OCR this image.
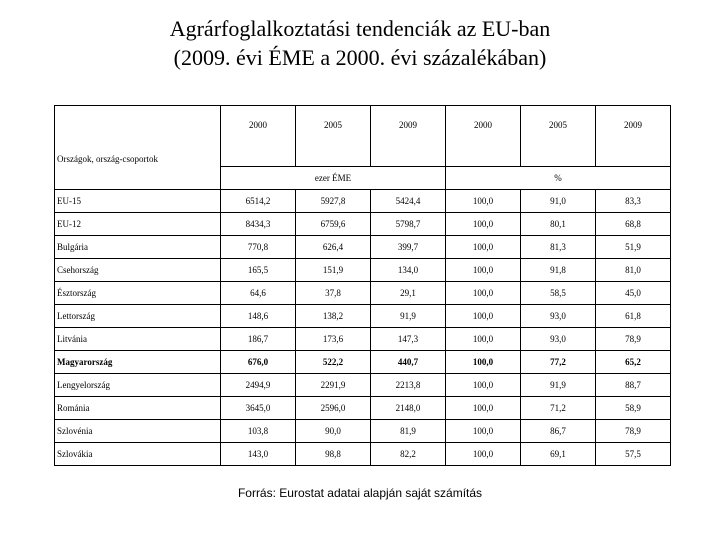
Agrárfoglalkoztatási tendenciák az EU-ban
(2009. évi ÉME a 2000. évi százalékában)
Országok, ország-csoportok	2000	2005	2009	2000	2005	2009
	ezer ÉME			%		
EU-15	6514,2	5927,8	5424,4	100,0	91,0	83,3
EU-12	8434,3	6759,6	5798,7	100,0	80,1	68,8
Bulgária	770,8	626,4	399,7	100,0	81,3	51,9
Csehország	165,5	151,9	134,0	100,0	91,8	81,0
Észtország	64,6	37,8	29,1	100,0	58,5	45,0
Lettország	148,6	138,2	91,9	100,0	93,0	61,8
Litvánia	186,7	173,6	147,3	100,0	93,0	78,9
Magyarország	676,0	522,2	440,7	100,0	77,2	65,2
Lengyelország	2494,9	2291,9	2213,8	100,0	91,9	88,7
Románia	3645,0	2596,0	2148,0	100,0	71,2	58,9
Szlovénia	103,8	90,0	81,9	100,0	86,7	78,9
Szlovákia	143,0	98,8	82,2	100,0	69,1	57,5
Forrás: Eurostat adatai alapján saját számítás
